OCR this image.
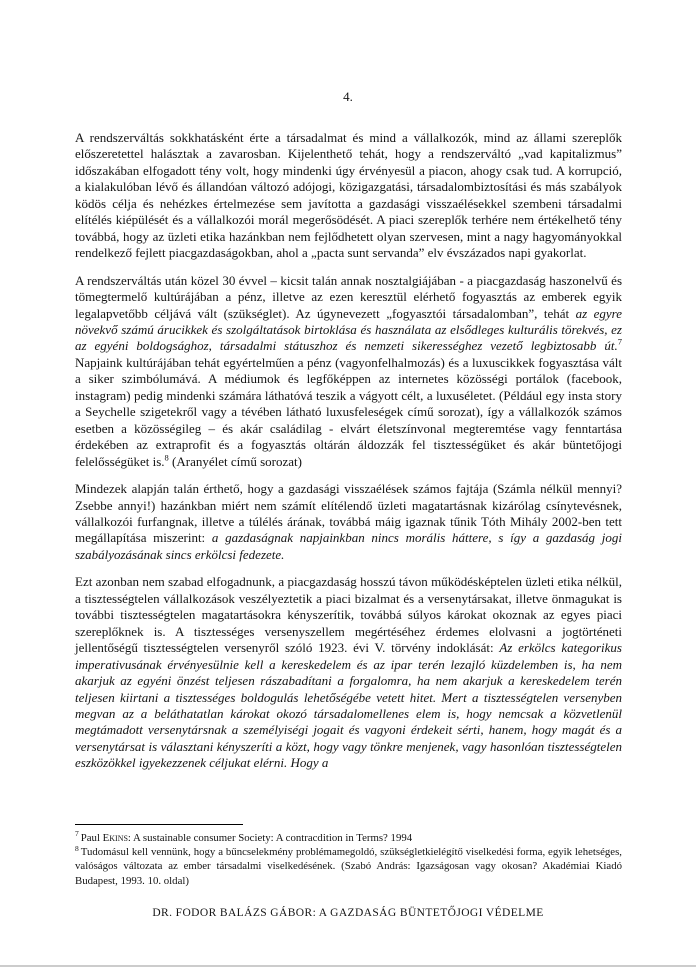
4.

A rendszerváltás sokkhatásként érte a társadalmat és mind a vállalkozók, mind az állami szereplők előszeretettel halásztak a zavarosban. Kijelenthető tehát, hogy a rendszerváltó „vad kapitalizmus” időszakában elfogadott tény volt, hogy mindenki úgy érvényesül a piacon, ahogy csak tud. A korrupció, a kialakulóban lévő és állandóan változó adójogi, közigazgatási, társadalombiztosítási és más szabályok ködös célja és nehézkes értelmezése sem javította a gazdasági visszaélésekkel szembeni társadalmi elítélés kiépülését és a vállalkozói morál megerősödését. A piaci szereplők terhére nem értékelhető tény továbbá, hogy az üzleti etika hazánkban nem fejlődhetett olyan szervesen, mint a nagy hagyományokkal rendelkező fejlett piacgazdaságokban, ahol a „pacta sunt servanda” elv évszázados napi gyakorlat.

A rendszerváltás után közel 30 évvel – kicsit talán annak nosztalgiájában - a piacgazdaság haszonelvű és tömegtermelő kultúrájában a pénz, illetve az ezen keresztül elérhető fogyasztás az emberek egyik legalapvetőbb céljává vált (szükséglet). Az úgynevezett „fogyasztói társadalomban”, tehát az egyre növekvő számú árucikkek és szolgáltatások birtoklása és használata az elsődleges kulturális törekvés, ez az egyéni boldogsághoz, társadalmi státuszhoz és nemzeti sikerességhez vezető legbiztosabb út.$^7$ Napjaink kultúrájában tehát egyértelműen a pénz (vagyonfelhalmozás) és a luxuscikkek fogyasztása vált a siker szimbólumává. A médiumok és legfőképpen az internetes közösségi portálok (facebook, instagram) pedig mindenki számára láthatóvá teszik a vágyott célt, a luxuséletet. (Például egy insta story a Seychelle szigetekről vagy a tévében látható luxusfeleségek című sorozat), így a vállalkozók számos esetben a közösségileg – és akár családilag - elvárt életszínvonal megteremtése vagy fenntartása érdekében az extraprofit és a fogyasztás oltárán áldozzák fel tisztességüket és akár büntetőjogi felelősségüket is.$^8$ (Aranyélet című sorozat)

Mindezek alapján talán érthető, hogy a gazdasági visszaélések számos fajtája (Számla nélkül mennyi? Zsebbe annyi!) hazánkban miért nem számít elítélendő üzleti magatartásnak kizárólag csínytevésnek, vállalkozói furfangnak, illetve a túlélés árának, továbbá máig igaznak tűnik Tóth Mihály 2002-ben tett megállapítása miszerint: a gazdaságnak napjainkban nincs morális háttere, s így a gazdaság jogi szabályozásának sincs erkölcsi fedezete.

Ezt azonban nem szabad elfogadnunk, a piacgazdaság hosszú távon működésképtelen üzleti etika nélkül, a tisztességtelen vállalkozások veszélyeztetik a piaci bizalmat és a versenytársakat, illetve önmagukat is további tisztességtelen magatartásokra kényszerítik, továbbá súlyos károkat okoznak az egyes piaci szereplőknek is. A tisztességes versenyszellem megértéséhez érdemes elolvasni a jogtörténeti jellentőségű tisztességtelen versenyről szóló 1923. évi V. törvény indoklását: Az erkölcs kategorikus imperativusának érvényesülnie kell a kereskedelem és az ipar terén lezajló küzdelemben is, ha nem akarjuk az egyéni önzést teljesen rászabadítani a forgalomra, ha nem akarjuk a kereskedelem terén teljesen kiirtani a tisztességes boldogulás lehetőségébe vetett hitet. Mert a tisztességtelen versenyben megvan az a beláthatatlan károkat okozó társadalomellenes elem is, hogy nemcsak a közvetlenül megtámadott versenytársnak a személyiségi jogait és vagyoni érdekeit sérti, hanem, hogy magát és a versenytársat is választani kényszeríti a közt, hogy vagy tönkre menjenek, vagy hasonlóan tisztességtelen eszközökkel igyekezzenek céljukat elérni. Hogy a

$^7$ Paul Ekins: A sustainable consumer Society: A contracdition in Terms? 1994

$^8$ Tudomásul kell vennünk, hogy a bűncselekmény problémamegoldó, szükségletkielégítő viselkedési forma, egyik lehetséges, valóságos változata az ember társadalmi viselkedésének. (Szabó András: Igazságosan vagy okosan? Akadémiai Kiadó Budapest, 1993. 10. oldal)

DR. FODOR BALÁZS GÁBOR: A GAZDASÁG BÜNTETŐJOGI VÉDELME
